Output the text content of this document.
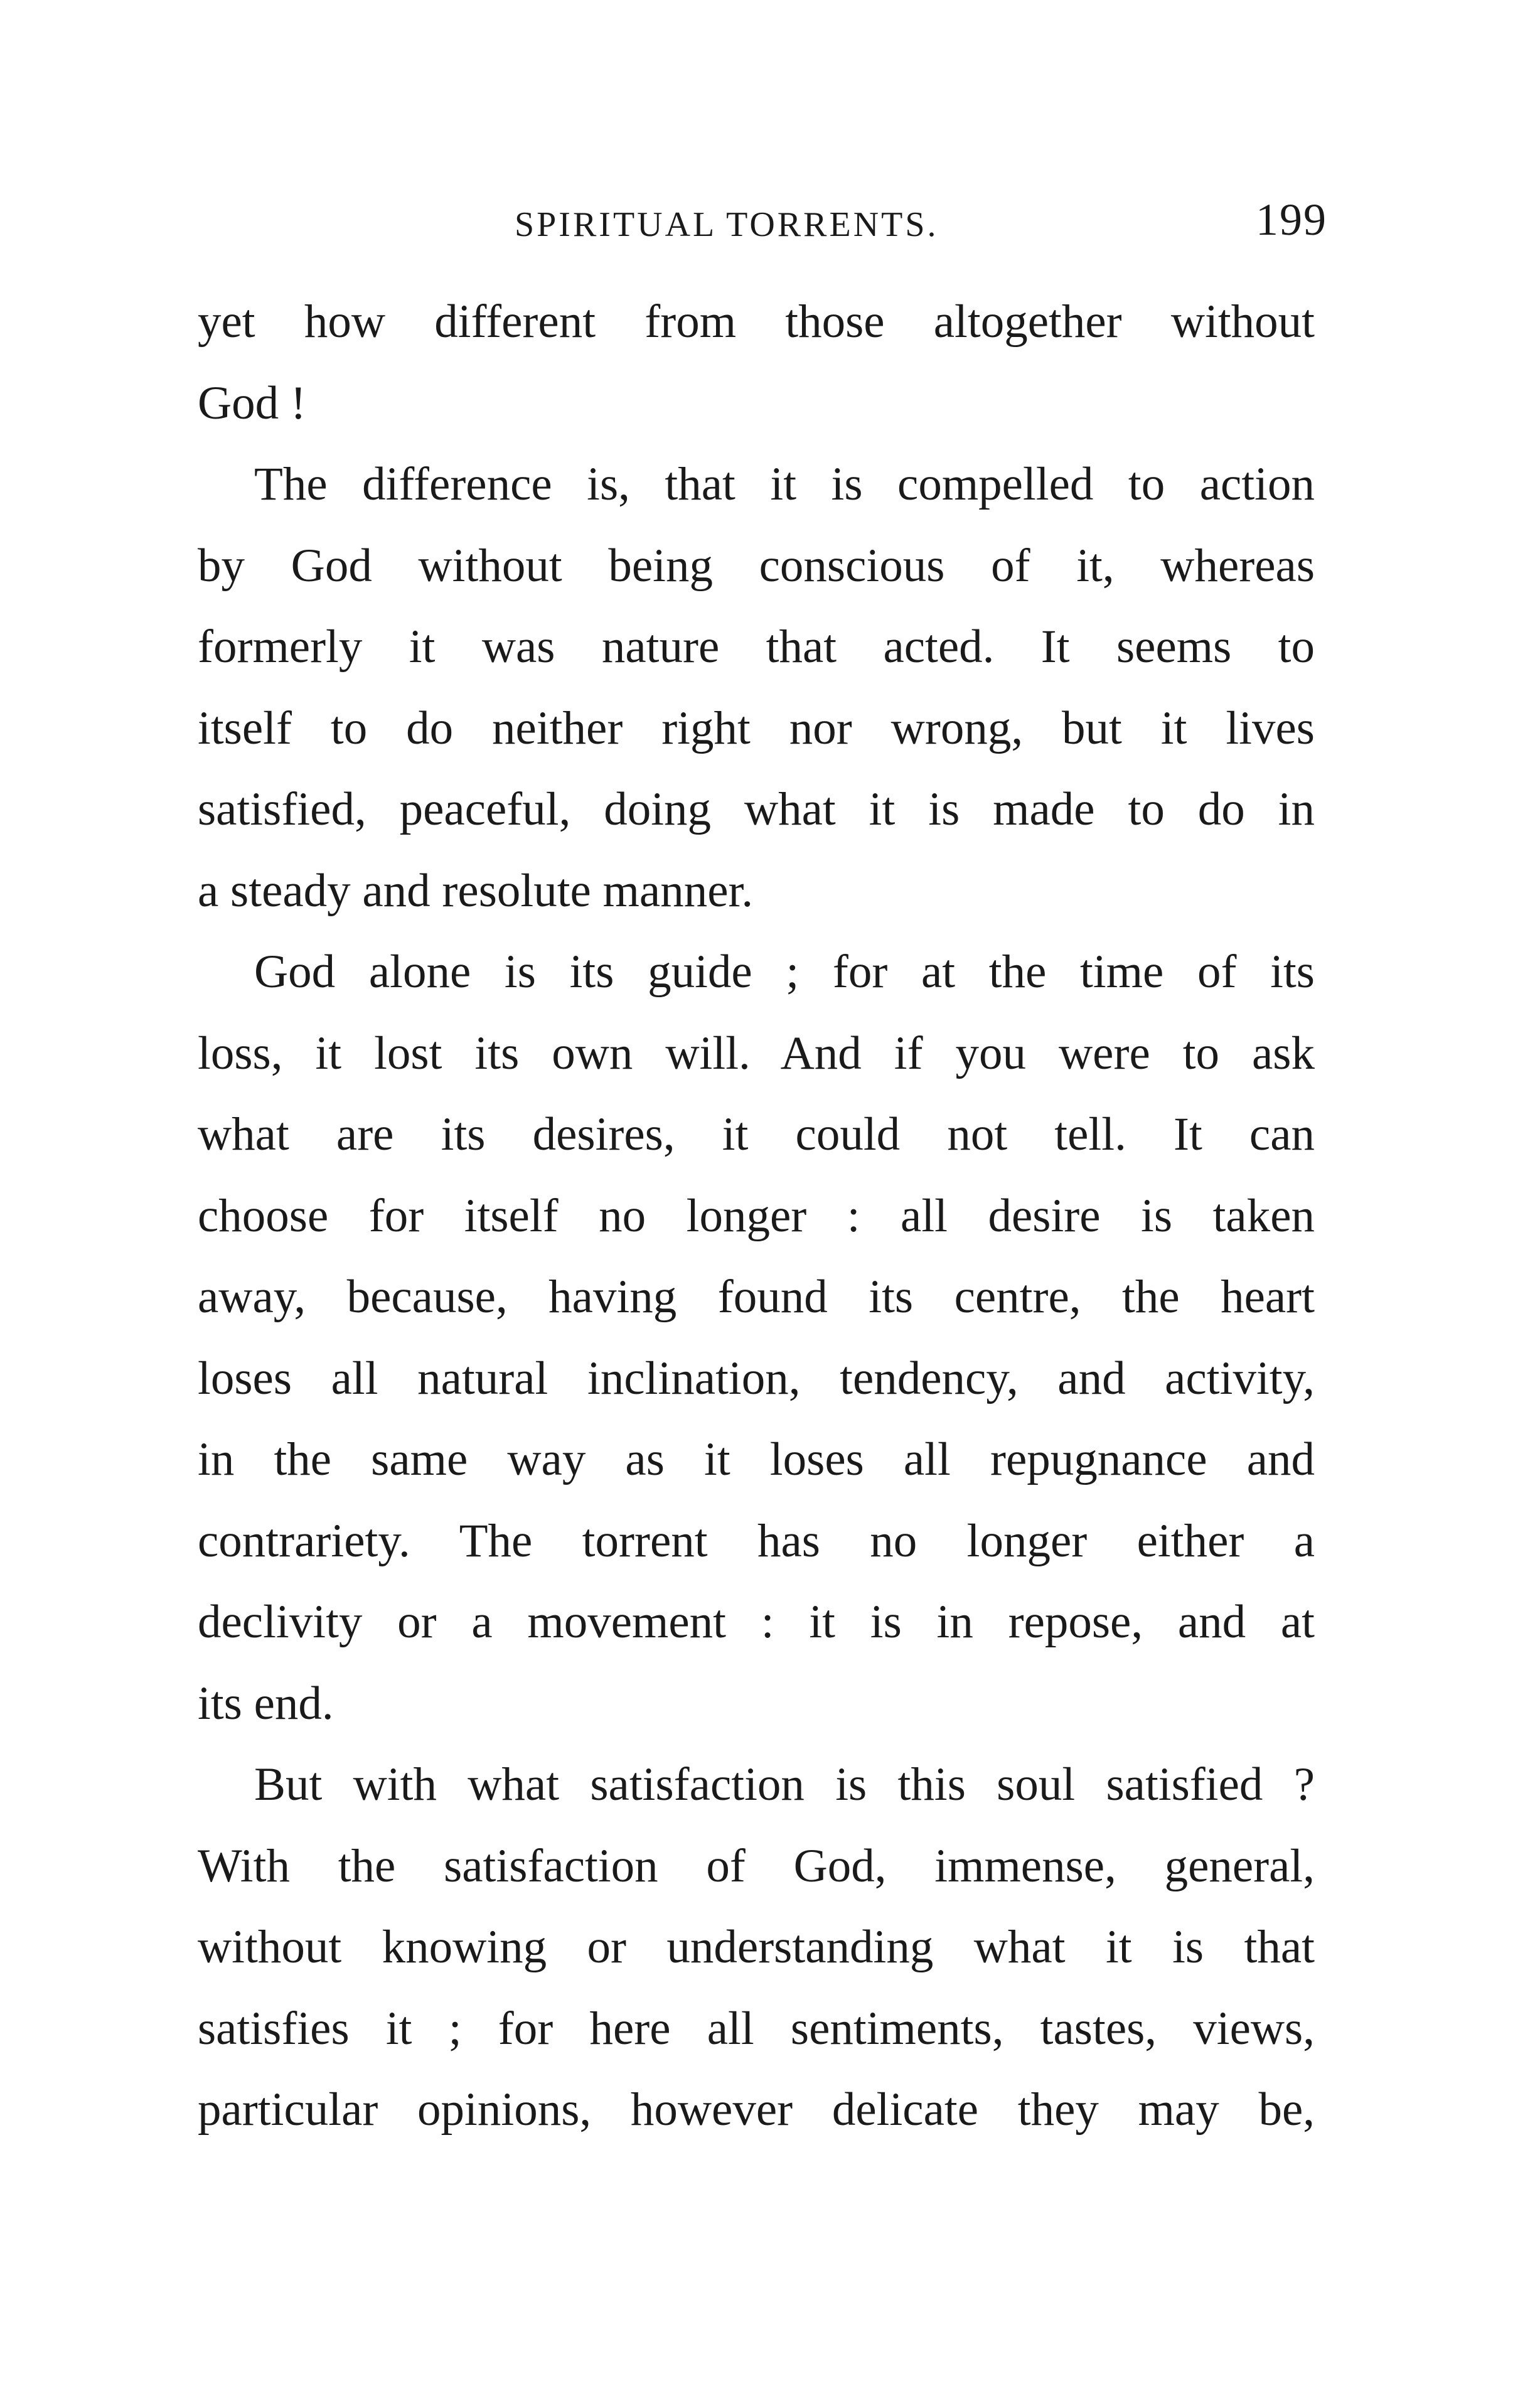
SPIRITUAL TORRENTS.	199
yet how different from those altogether without
God !
The difference is, that it is compelled to action
by God without being conscious of it, whereas
formerly it was nature that acted. It seems to
itself to do neither right nor wrong, but it lives
satisfied, peaceful, doing what it is made to do in
a steady and resolute manner.
God alone is its guide ; for at the time of its
loss, it lost its own will. And if you were to ask
what are its desires, it could not tell. It can
choose for itself no longer : all desire is taken
away, because, having found its centre, the heart
loses all natural inclination, tendency, and activity,
in the same way as it loses all repugnance and
contrariety. The torrent has no longer either a
declivity or a movement : it is in repose, and at
its end.
But with what satisfaction is this soul satisfied ?
With the satisfaction of God, immense, general,
without knowing or understanding what it is that
satisfies it ; for here all sentiments, tastes, views,
particular opinions, however delicate they may be,
